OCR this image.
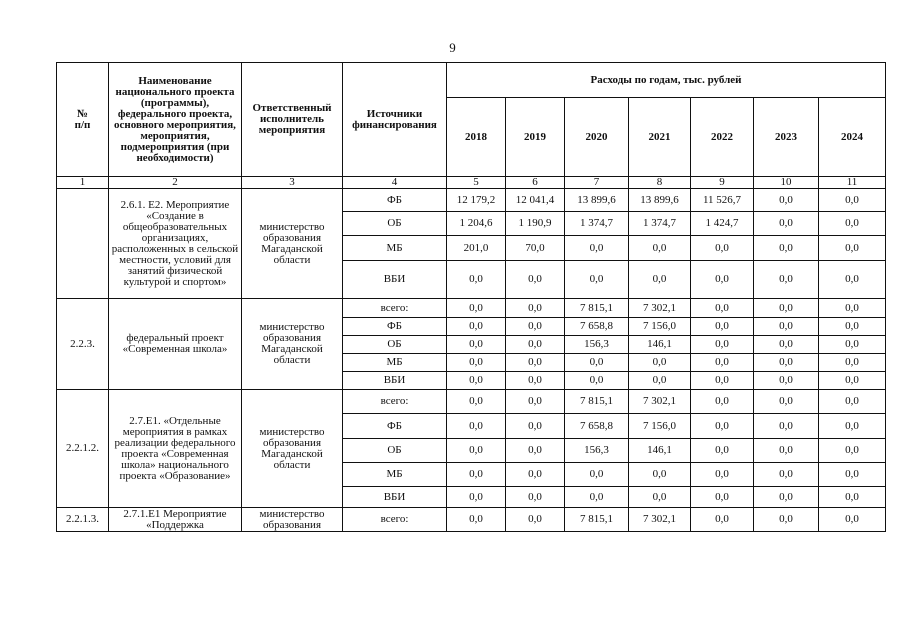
9
№
п/п	Наименование национального проекта (программы), федерального проекта, основного мероприятия, мероприятия, подмероприятия (при необходимости)	Ответственный исполнитель мероприятия	Источники финансирования	Расходы по годам, тыс. рублей						
				2018	2019	2020	2021	2022	2023	2024
1	2	3	4	5	6	7	8	9	10	11
	2.6.1. Е2. Мероприятие «Создание в общеобразовательных организациях, расположенных в сельской местности, условий для занятий физической культурой и спортом»	министерство образования Магаданской области	ФБ	12 179,2	12 041,4	13 899,6	13 899,6	11 526,7	0,0	0,0
			ОБ	1 204,6	1 190,9	1 374,7	1 374,7	1 424,7	0,0	0,0
			МБ	201,0	70,0	0,0	0,0	0,0	0,0	0,0
			ВБИ	0,0	0,0	0,0	0,0	0,0	0,0	0,0
2.2.3.	федеральный проект «Современная школа»	министерство образования Магаданской области	всего:	0,0	0,0	7 815,1	7 302,1	0,0	0,0	0,0
			ФБ	0,0	0,0	7 658,8	7 156,0	0,0	0,0	0,0
			ОБ	0,0	0,0	156,3	146,1	0,0	0,0	0,0
			МБ	0,0	0,0	0,0	0,0	0,0	0,0	0,0
			ВБИ	0,0	0,0	0,0	0,0	0,0	0,0	0,0
2.2.1.2.	2.7.Е1. «Отдельные мероприятия в рамках реализации федерального проекта «Современная школа» национального проекта «Образование»	министерство образования Магаданской области	всего:	0,0	0,0	7 815,1	7 302,1	0,0	0,0	0,0
			ФБ	0,0	0,0	7 658,8	7 156,0	0,0	0,0	0,0
			ОБ	0,0	0,0	156,3	146,1	0,0	0,0	0,0
			МБ	0,0	0,0	0,0	0,0	0,0	0,0	0,0
			ВБИ	0,0	0,0	0,0	0,0	0,0	0,0	0,0
2.2.1.3.	2.7.1.Е1 Мероприятие «Поддержка	министерство образования	всего:	0,0	0,0	7 815,1	7 302,1	0,0	0,0	0,0
